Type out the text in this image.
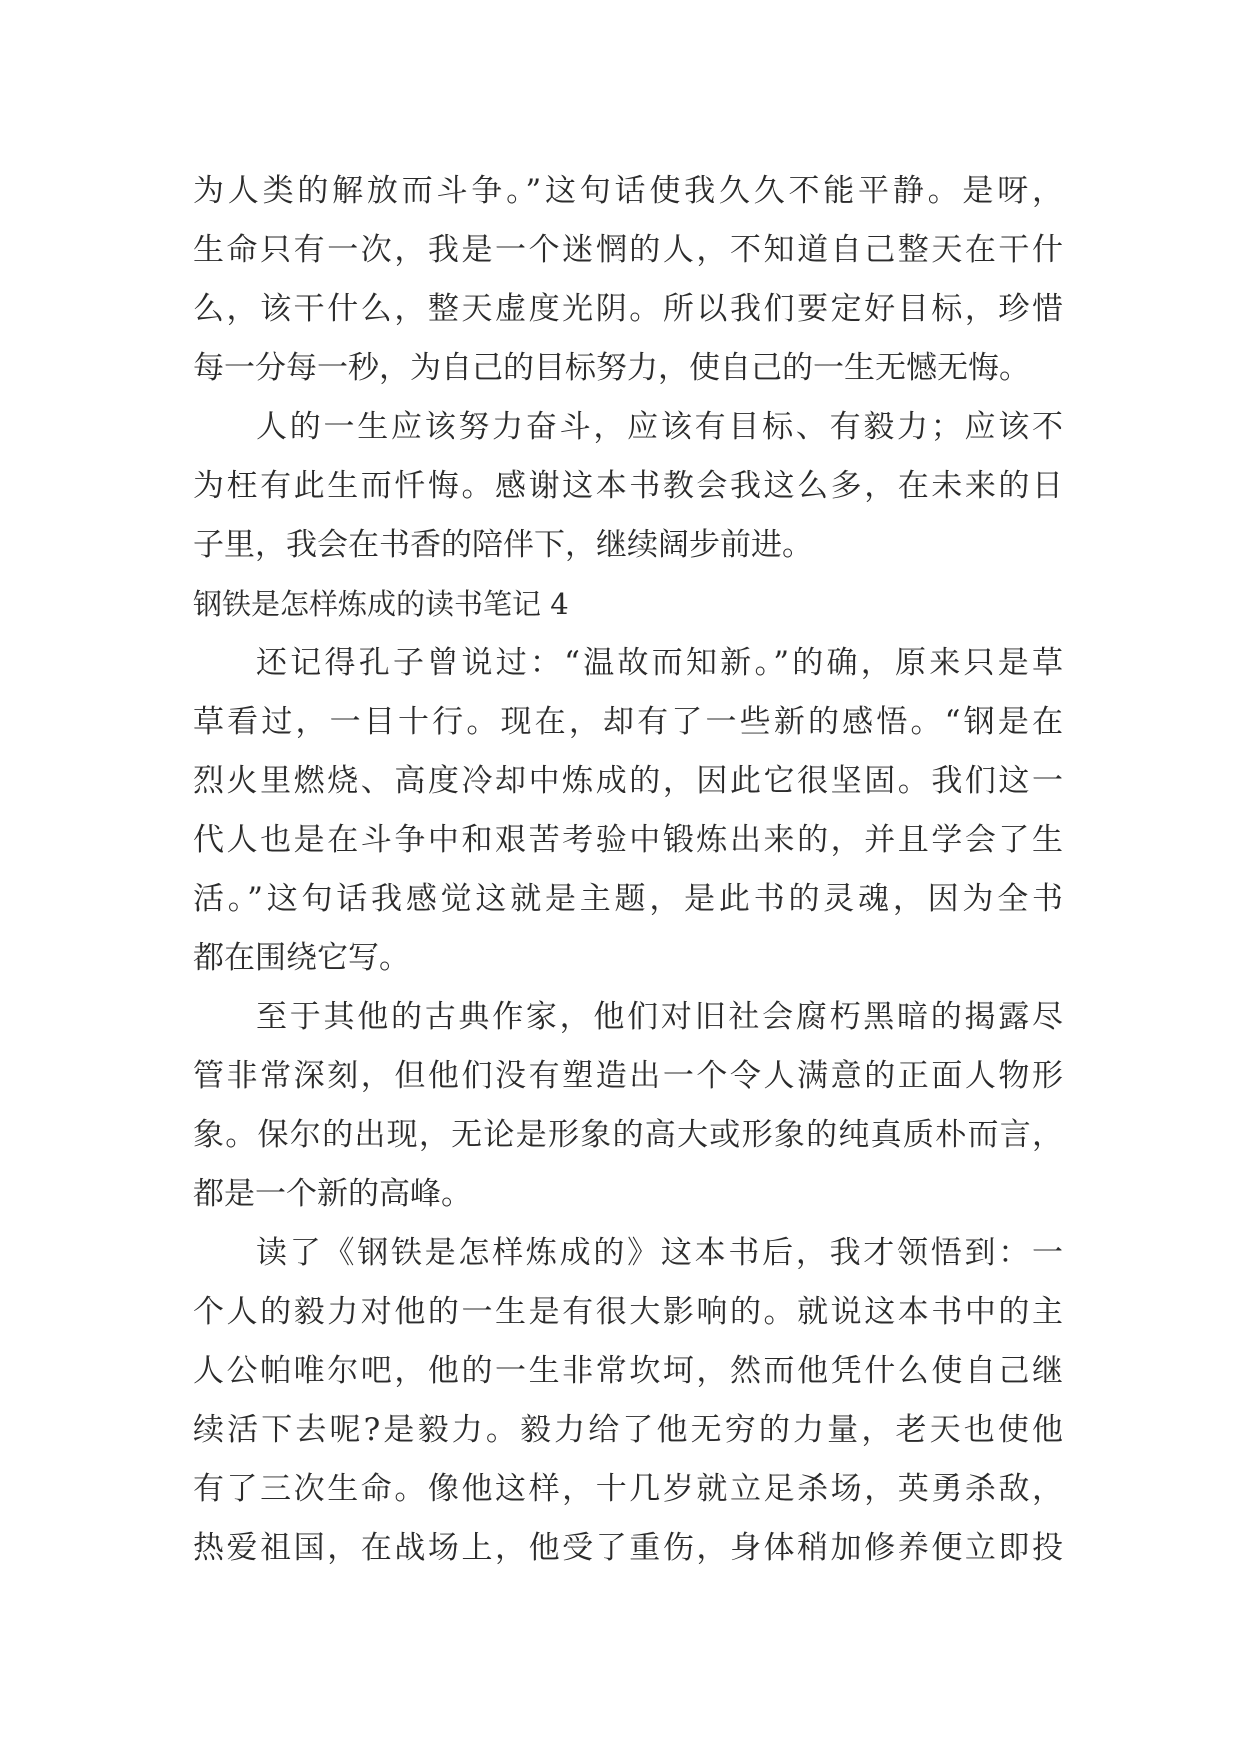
为人类的解放而斗争。”这句话使我久久不能平静。是呀，
生命只有一次，我是一个迷惘的人，不知道自己整天在干什
么，该干什么，整天虚度光阴。所以我们要定好目标，珍惜
每一分每一秒，为自己的目标努力，使自己的一生无憾无悔。
人的一生应该努力奋斗，应该有目标、有毅力；应该不
为枉有此生而忏悔。感谢这本书教会我这么多，在未来的日
子里，我会在书香的陪伴下，继续阔步前进。
钢铁是怎样炼成的读书笔记 4
还记得孔子曾说过：“温故而知新。”的确，原来只是草
草看过，一目十行。现在，却有了一些新的感悟。“钢是在
烈火里燃烧、高度冷却中炼成的，因此它很坚固。我们这一
代人也是在斗争中和艰苦考验中锻炼出来的，并且学会了生
活。”这句话我感觉这就是主题，是此书的灵魂，因为全书
都在围绕它写。
至于其他的古典作家，他们对旧社会腐朽黑暗的揭露尽
管非常深刻，但他们没有塑造出一个令人满意的正面人物形
象。保尔的出现，无论是形象的高大或形象的纯真质朴而言，
都是一个新的高峰。
读了《钢铁是怎样炼成的》这本书后，我才领悟到：一
个人的毅力对他的一生是有很大影响的。就说这本书中的主
人公帕唯尔吧，他的一生非常坎坷，然而他凭什么使自己继
续活下去呢?是毅力。毅力给了他无穷的力量，老天也使他
有了三次生命。像他这样，十几岁就立足杀场，英勇杀敌，
热爱祖国，在战场上，他受了重伤，身体稍加修养便立即投
